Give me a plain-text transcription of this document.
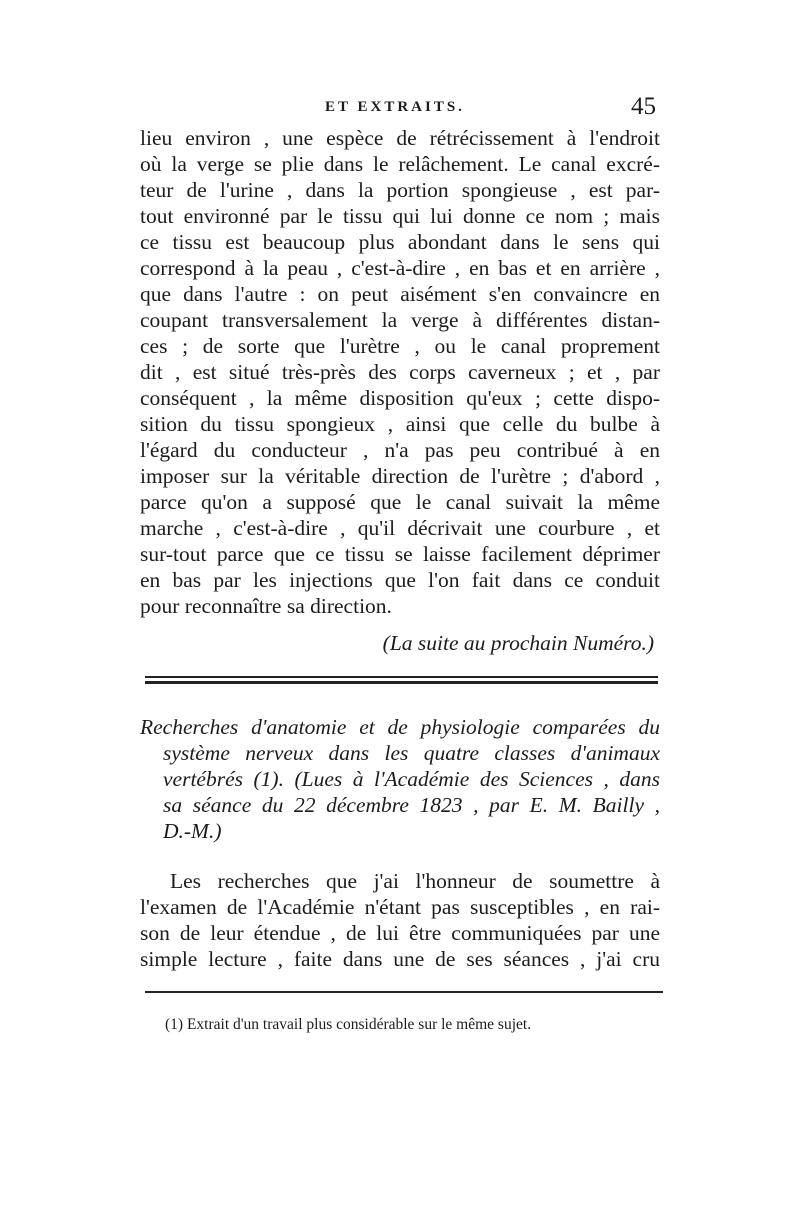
ET EXTRAITS.	45
lieu environ , une espèce de rétrécissement à l'endroit
où la verge se plie dans le relâchement. Le canal excré-
teur de l'urine , dans la portion spongieuse , est par-
tout environné par le tissu qui lui donne ce nom ; mais
ce tissu est beaucoup plus abondant dans le sens qui
correspond à la peau , c'est-à-dire , en bas et en arrière ,
que dans l'autre : on peut aisément s'en convaincre en
coupant transversalement la verge à différentes distan-
ces ; de sorte que l'urètre , ou le canal proprement
dit , est situé très-près des corps caverneux ; et , par
conséquent , la même disposition qu'eux ; cette dispo-
sition du tissu spongieux , ainsi que celle du bulbe à
l'égard du conducteur , n'a pas peu contribué à en
imposer sur la véritable direction de l'urètre ; d'abord ,
parce qu'on a supposé que le canal suivait la même
marche , c'est-à-dire , qu'il décrivait une courbure , et
sur-tout parce que ce tissu se laisse facilement déprimer
en bas par les injections que l'on fait dans ce conduit
pour reconnaître sa direction.
(La suite au prochain Numéro.)
Recherches d'anatomie et de physiologie comparées du
système nerveux dans les quatre classes d'animaux
vertébrés (1). (Lues à l'Académie des Sciences , dans
sa séance du 22 décembre 1823 , par E. M. Bailly ,
D.-M.)
Les recherches que j'ai l'honneur de soumettre à
l'examen de l'Académie n'étant pas susceptibles , en rai-
son de leur étendue , de lui être communiquées par une
simple lecture , faite dans une de ses séances , j'ai cru
(1) Extrait d'un travail plus considérable sur le même sujet.
